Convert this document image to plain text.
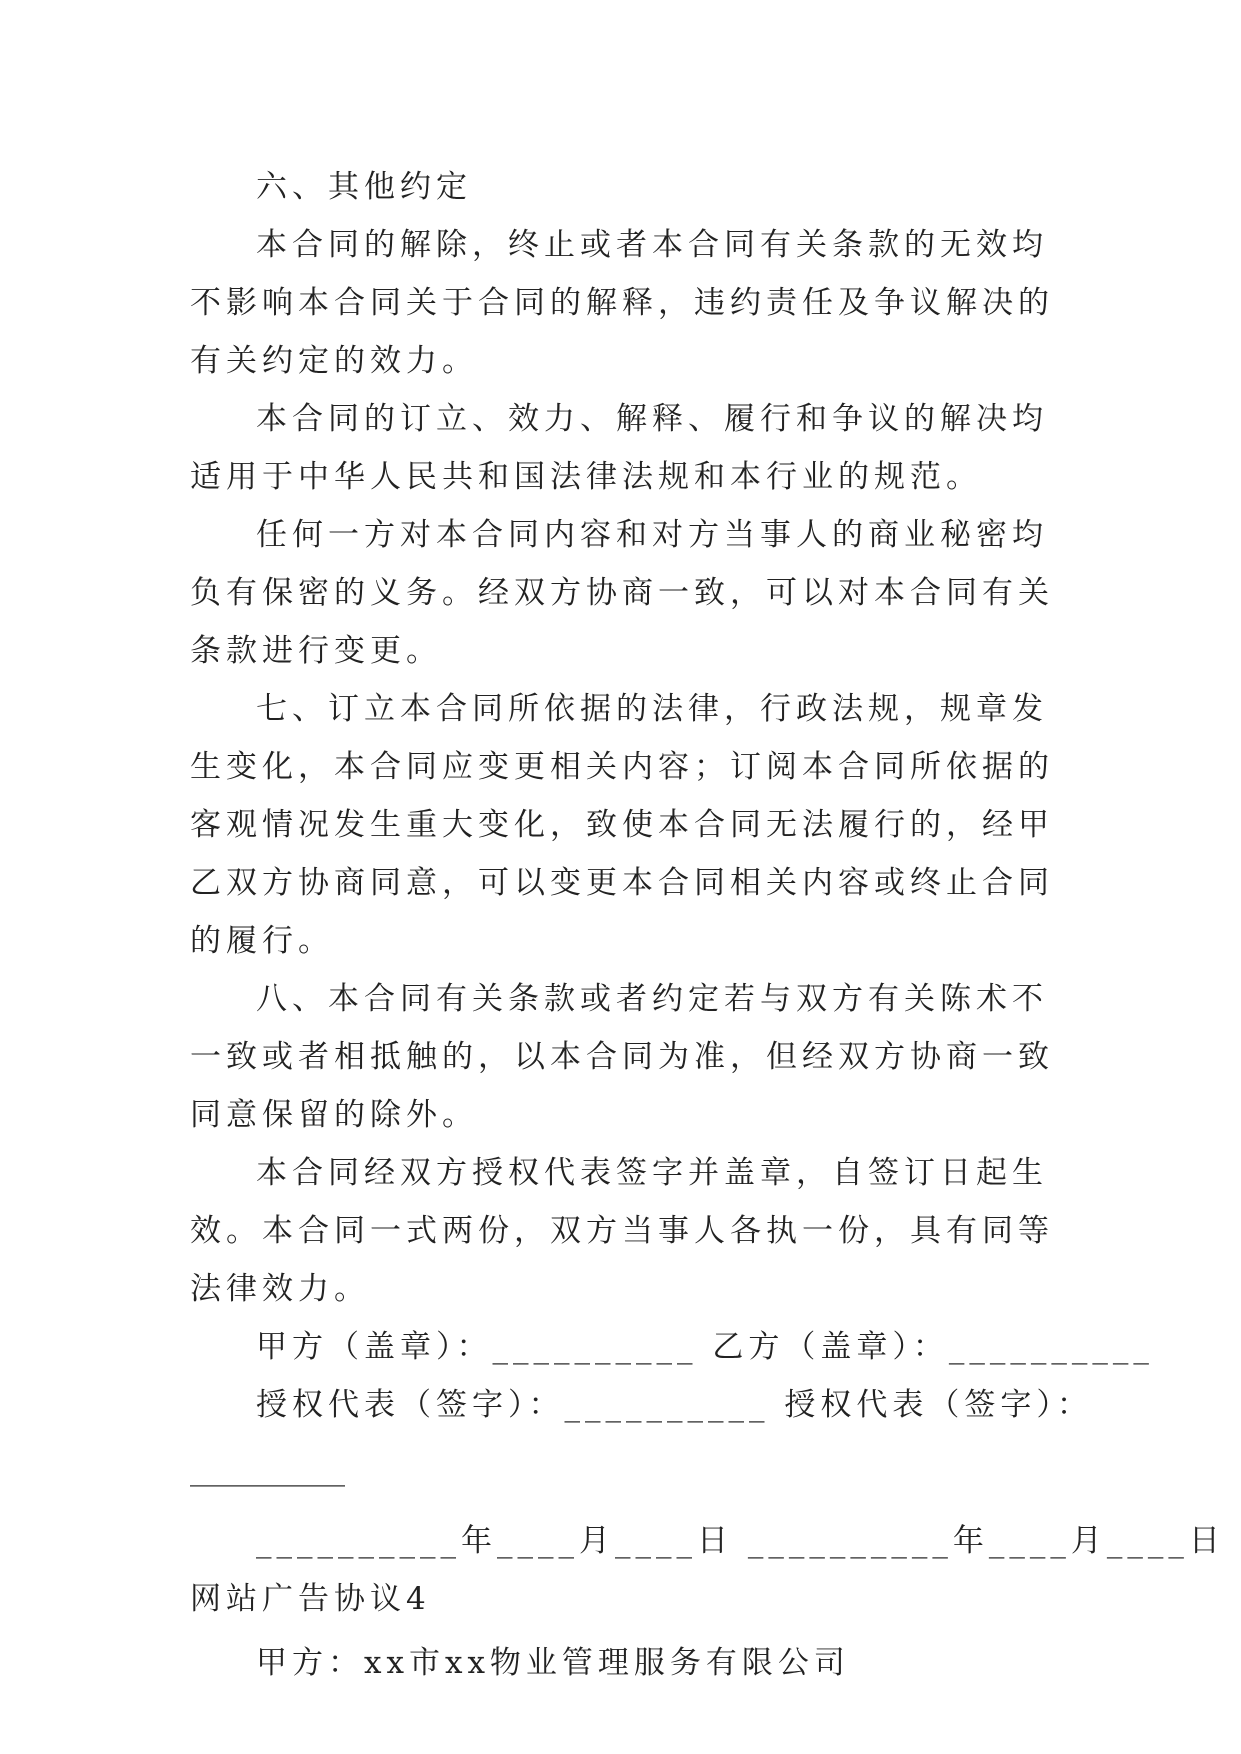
六、其他约定

本合同的解除，终止或者本合同有关条款的无效均不影响本合同关于合同的解释，违约责任及争议解决的有关约定的效力。

本合同的订立、效力、解释、履行和争议的解决均适用于中华人民共和国法律法规和本行业的规范。

任何一方对本合同内容和对方当事人的商业秘密均负有保密的义务。经双方协商一致，可以对本合同有关条款进行变更。

七、订立本合同所依据的法律，行政法规，规章发生变化，本合同应变更相关内容；订阅本合同所依据的客观情况发生重大变化，致使本合同无法履行的，经甲乙双方协商同意，可以变更本合同相关内容或终止合同的履行。

八、本合同有关条款或者约定若与双方有关陈术不一致或者相抵触的，以本合同为准，但经双方协商一致同意保留的除外。

本合同经双方授权代表签字并盖章，自签订日起生效。本合同一式两份，双方当事人各执一份，具有同等法律效力。

甲方（盖章）：__________ 乙方（盖章）：__________

授权代表（签字）：__________ 授权代表（签字）：

__________

__________年____月____日 __________年____月____日

网站广告协议4

甲方：xx市xx物业管理服务有限公司
